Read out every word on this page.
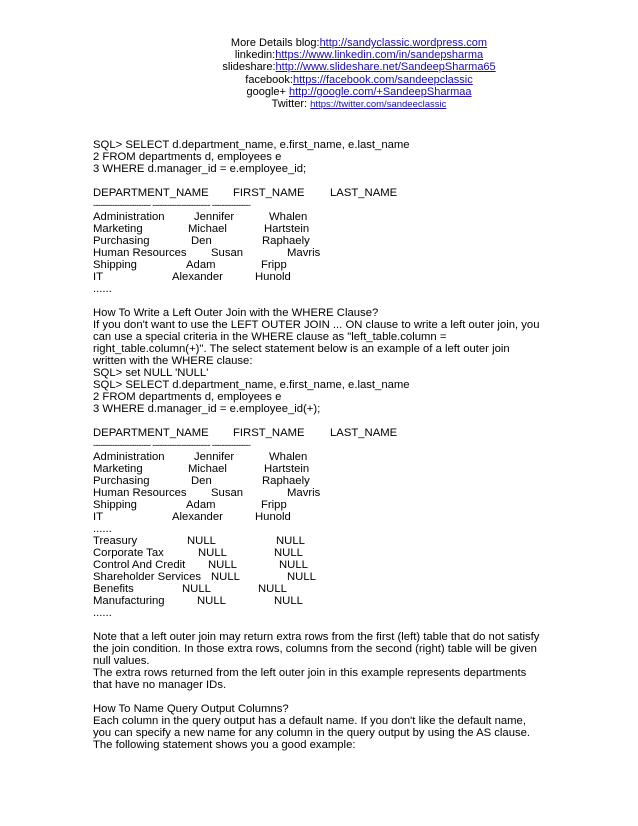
More Details blog:http://sandyclassic.wordpress.com
linkedin:https://www.linkedin.com/in/sandepsharma
slideshare:http://www.slideshare.net/SandeepSharma65
facebook:https://facebook.com/sandeepclassic
google+ http://google.com/+SandeepSharmaa
Twitter: https://twitter.com/sandeeclassic
SQL> SELECT d.department_name, e.first_name, e.last_name
2 FROM departments d, employees e
3 WHERE d.manager_id = e.employee_id;
DEPARTMENT_NAME FIRST_NAME LAST_NAME
------------------------ ------------------------ ----------------
Administration	Jennifer	Whalen
Marketing	Michael	Hartstein
Purchasing	Den	Raphaely
Human Resources Susan	Mavris
Shipping	Adam	Fripp
IT	Alexander	Hunold
......
How To Write a Left Outer Join with the WHERE Clause?
If you don't want to use the LEFT OUTER JOIN ... ON clause to write a left outer join, you can use a special criteria in the WHERE clause as "left_table.column = right_table.column(+)". The select statement below is an example of a left outer join written with the WHERE clause:
SQL> set NULL 'NULL'
SQL> SELECT d.department_name, e.first_name, e.last_name
2 FROM departments d, employees e
3 WHERE d.manager_id = e.employee_id(+);
DEPARTMENT_NAME FIRST_NAME LAST_NAME
------------------------ ------------------------ ----------------
Administration	Jennifer	Whalen
Marketing	Michael	Hartstein
Purchasing	Den	Raphaely
Human Resources Susan	Mavris
Shipping	Adam	Fripp
IT	Alexander	Hunold
......
Treasury	NULL	NULL
Corporate Tax	NULL	NULL
Control And Credit NULL	NULL
Shareholder Services NULL	NULL
Benefits	NULL	NULL
Manufacturing	NULL	NULL
......
Note that a left outer join may return extra rows from the first (left) table that do not satisfy the join condition. In those extra rows, columns from the second (right) table will be given null values.
The extra rows returned from the left outer join in this example represents departments that have no manager IDs.
How To Name Query Output Columns?
Each column in the query output has a default name. If you don't like the default name, you can specify a new name for any column in the query output by using the AS clause. The following statement shows you a good example:
